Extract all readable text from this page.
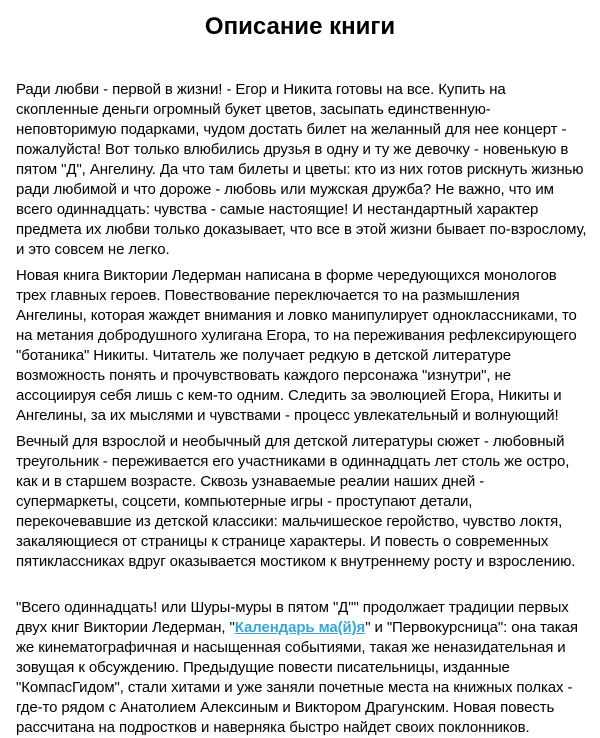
Описание книги

Ради любви - первой в жизни! - Егор и Никита готовы на все. Купить на скопленные деньги огромный букет цветов, засыпать единственную-неповторимую подарками, чудом достать билет на желанный для нее концерт - пожалуйста! Вот только влюбились друзья в одну и ту же девочку - новенькую в пятом "Д", Ангелину. Да что там билеты и цветы: кто из них готов рискнуть жизнью ради любимой и что дороже - любовь или мужская дружба? Не важно, что им всего одиннадцать: чувства - самые настоящие! И нестандартный характер предмета их любви только доказывает, что все в этой жизни бывает по-взрослому, и это совсем не легко.

Новая книга Виктории Ледерман написана в форме чередующихся монологов трех главных героев. Повествование переключается то на размышления Ангелины, которая жаждет внимания и ловко манипулирует одноклассниками, то на метания добродушного хулигана Егора, то на переживания рефлексирующего "ботаника" Никиты. Читатель же получает редкую в детской литературе возможность понять и прочувствовать каждого персонажа "изнутри", не ассоциируя себя лишь с кем-то одним. Следить за эволюцией Егора, Никиты и Ангелины, за их мыслями и чувствами - процесс увлекательный и волнующий!

Вечный для взрослой и необычный для детской литературы сюжет - любовный треугольник - переживается его участниками в одиннадцать лет столь же остро, как и в старшем возрасте. Сквозь узнаваемые реалии наших дней - супермаркеты, соцсети, компьютерные игры - проступают детали, перекочевавшие из детской классики: мальчишеское геройство, чувство локтя, закаляющиеся от страницы к странице характеры. И повесть о современных пятиклассниках вдруг оказывается мостиком к внутреннему росту и взрослению.

"Всего одиннадцать! или Шуры-муры в пятом "Д"" продолжает традиции первых двух книг Виктории Ледерман, "Календарь ма(й)я" и "Первокурсница": она такая же кинематографичная и насыщенная событиями, такая же неназидательная и зовущая к обсуждению. Предыдущие повести писательницы, изданные "КомпасГидом", стали хитами и уже заняли почетные места на книжных полках - где-то рядом с Анатолием Алексиным и Виктором Драгунским. Новая повесть рассчитана на подростков и наверняка быстро найдет своих поклонников.
